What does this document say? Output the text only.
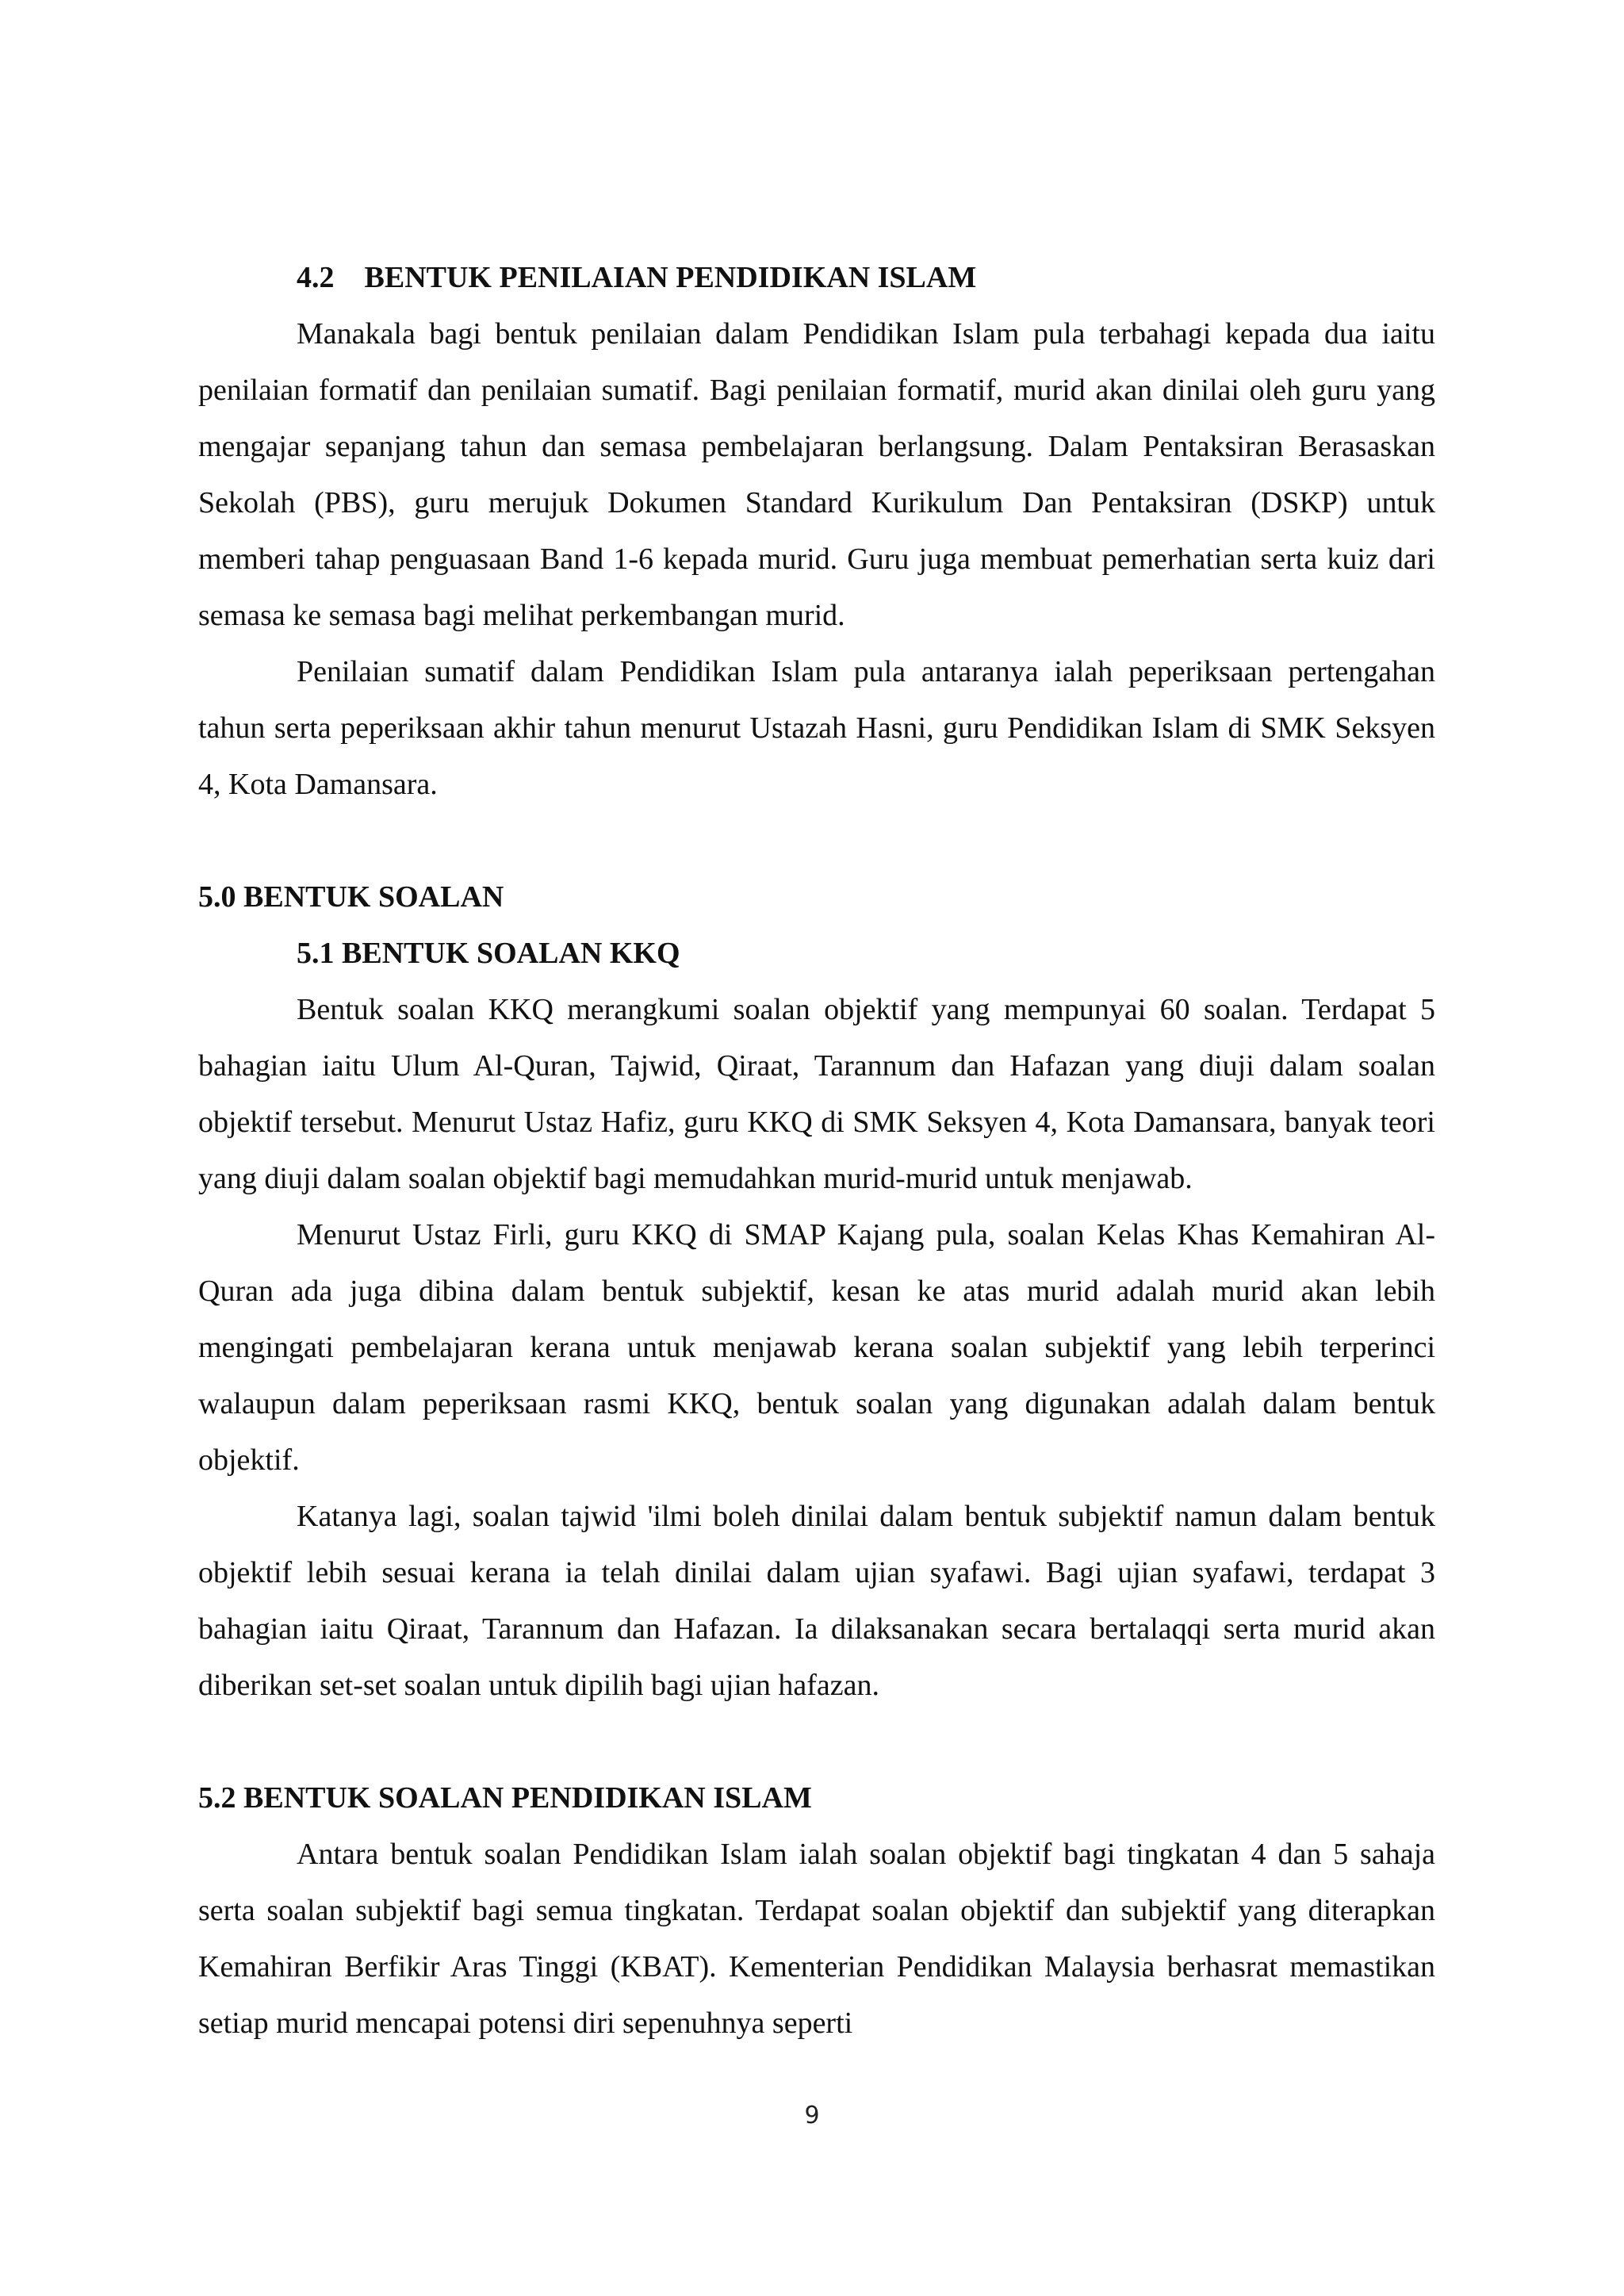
4.2    BENTUK PENILAIAN PENDIDIKAN ISLAM

Manakala bagi bentuk penilaian dalam Pendidikan Islam pula terbahagi kepada dua iaitu penilaian formatif dan penilaian sumatif. Bagi penilaian formatif, murid akan dinilai oleh guru yang mengajar sepanjang tahun dan semasa pembelajaran berlangsung. Dalam Pentaksiran Berasaskan Sekolah (PBS), guru merujuk Dokumen Standard Kurikulum Dan Pentaksiran (DSKP) untuk memberi tahap penguasaan Band 1-6 kepada murid. Guru juga membuat pemerhatian serta kuiz dari semasa ke semasa bagi melihat perkembangan murid.

Penilaian sumatif dalam Pendidikan Islam pula antaranya ialah peperiksaan pertengahan tahun serta peperiksaan akhir tahun menurut Ustazah Hasni, guru Pendidikan Islam di SMK Seksyen 4, Kota Damansara.

5.0 BENTUK SOALAN

5.1 BENTUK SOALAN KKQ

Bentuk soalan KKQ merangkumi soalan objektif yang mempunyai 60 soalan. Terdapat 5 bahagian iaitu Ulum Al-Quran, Tajwid, Qiraat, Tarannum dan Hafazan yang diuji dalam soalan objektif tersebut. Menurut Ustaz Hafiz, guru KKQ di SMK Seksyen 4, Kota Damansara, banyak teori yang diuji dalam soalan objektif bagi memudahkan murid-murid untuk menjawab.

Menurut Ustaz Firli, guru KKQ di SMAP Kajang pula, soalan Kelas Khas Kemahiran Al-Quran ada juga dibina dalam bentuk subjektif, kesan ke atas murid adalah murid akan lebih mengingati pembelajaran kerana untuk menjawab kerana soalan subjektif yang lebih terperinci walaupun dalam peperiksaan rasmi KKQ, bentuk soalan yang digunakan adalah dalam bentuk objektif.

Katanya lagi, soalan tajwid 'ilmi boleh dinilai dalam bentuk subjektif namun dalam bentuk objektif lebih sesuai kerana ia telah dinilai dalam ujian syafawi. Bagi ujian syafawi, terdapat 3 bahagian iaitu Qiraat, Tarannum dan Hafazan. Ia dilaksanakan secara bertalaqqi serta murid akan diberikan set-set soalan untuk dipilih bagi ujian hafazan.

5.2 BENTUK SOALAN PENDIDIKAN ISLAM

Antara bentuk soalan Pendidikan Islam ialah soalan objektif bagi tingkatan 4 dan 5 sahaja serta soalan subjektif bagi semua tingkatan. Terdapat soalan objektif dan subjektif yang diterapkan Kemahiran Berfikir Aras Tinggi (KBAT). Kementerian Pendidikan Malaysia berhasrat memastikan setiap murid mencapai potensi diri sepenuhnya seperti

9
